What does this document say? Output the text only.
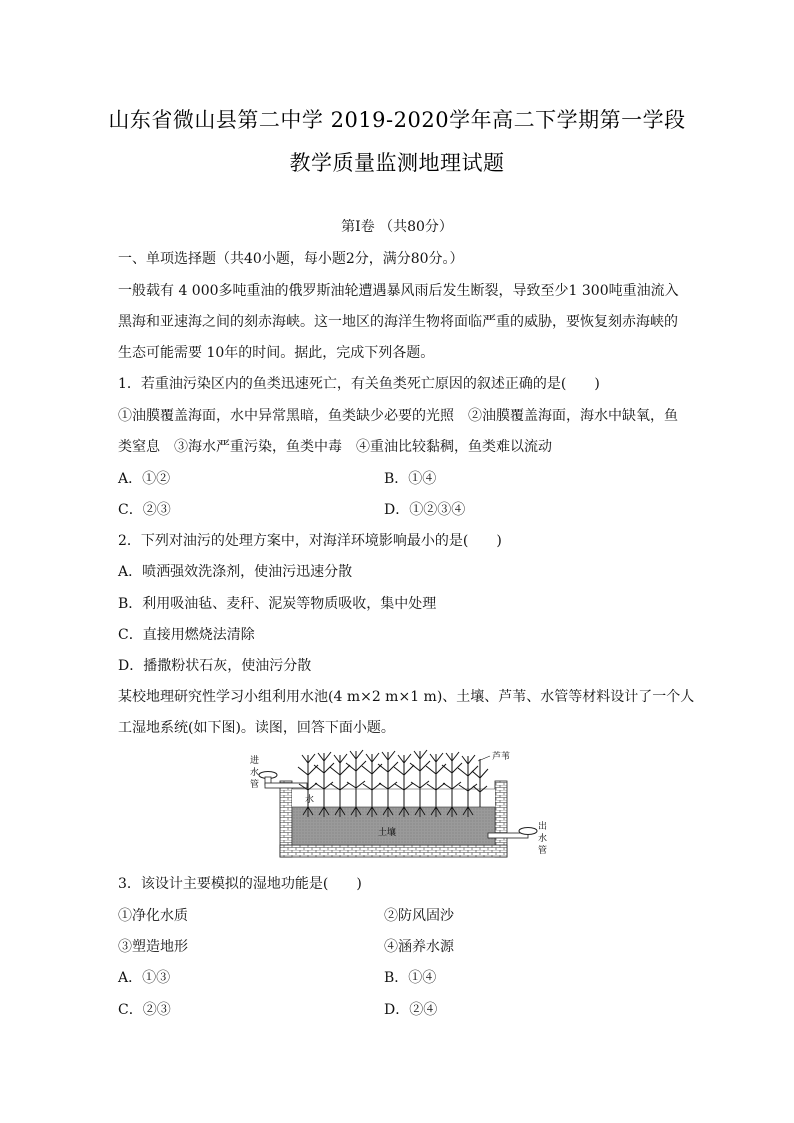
山东省微山县第二中学 2019-2020学年高二下学期第一学段
教学质量监测地理试题
第Ⅰ卷 （共80分）
一、单项选择题（共40小题，每小题2分，满分80分。）
一般载有 4 000多吨重油的俄罗斯油轮遭遇暴风雨后发生断裂，导致至少1 300吨重油流入
黑海和亚速海之间的刻赤海峡。这一地区的海洋生物将面临严重的威胁，要恢复刻赤海峡的
生态可能需要 10年的时间。据此，完成下列各题。
1．若重油污染区内的鱼类迅速死亡，有关鱼类死亡原因的叙述正确的是(　　)
①油膜覆盖海面，水中异常黑暗，鱼类缺少必要的光照　②油膜覆盖海面，海水中缺氧，鱼
类窒息　③海水严重污染，鱼类中毒　④重油比较黏稠，鱼类难以流动
A．①②	B．①④
C．②③	D．①②③④
2．下列对油污的处理方案中，对海洋环境影响最小的是(　　)
A．喷洒强效洗涤剂，使油污迅速分散
B．利用吸油毡、麦秆、泥炭等物质吸收，集中处理
C．直接用燃烧法清除
D．播撒粉状石灰，使油污分散
某校地理研究性学习小组利用水池(4 m×2 m×1 m)、土壤、芦苇、水管等材料设计了一个人
工湿地系统(如下图)。读图，回答下面小题。
进
水
管
出
水
管
芦苇
水
土壤
3．该设计主要模拟的湿地功能是(　　)
①净化水质	②防风固沙
③塑造地形	④涵养水源
A．①③	B．①④
C．②③	D．②④
